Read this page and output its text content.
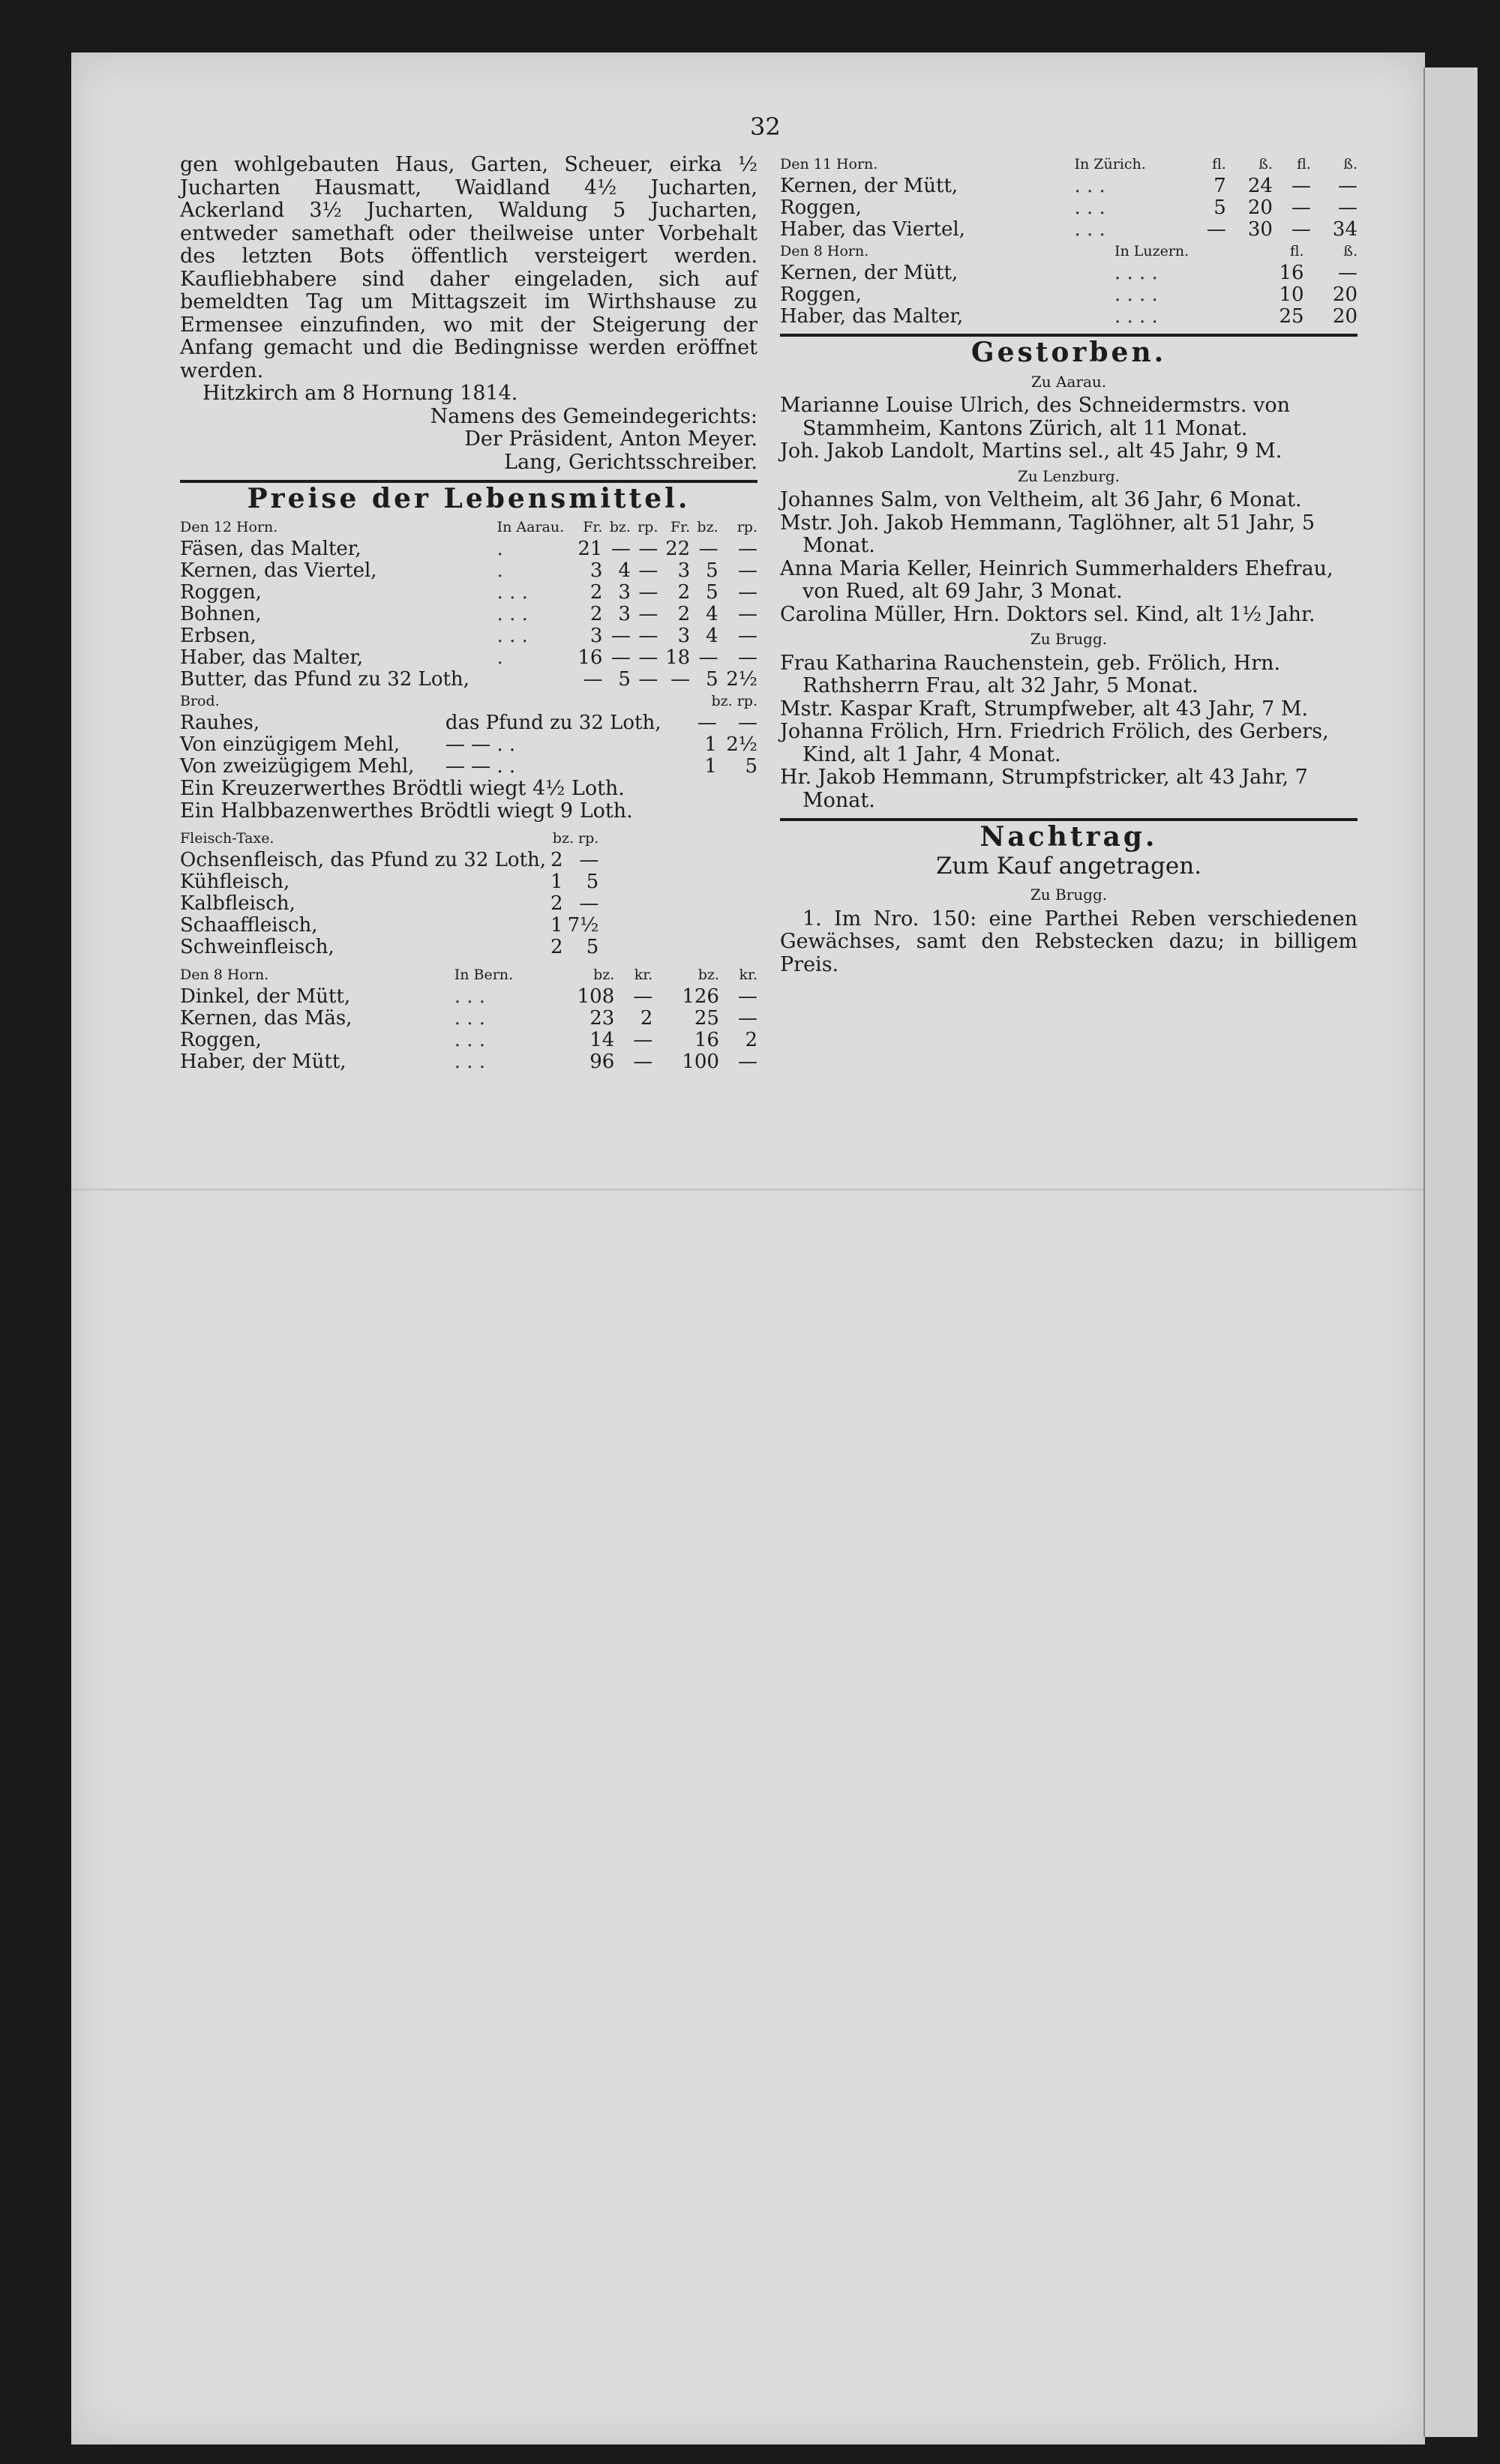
32

gen wohlgebauten Haus, Garten, Scheuer, eirka ½ Jucharten Hausmatt, Waidland 4½ Jucharten, Ackerland 3½ Jucharten, Waldung 5 Jucharten, entweder samethaft oder theilweise unter Vorbehalt des letzten Bots öffentlich versteigert werden. Kaufliebhabere sind daher eingeladen, sich auf bemeldten Tag um Mittagszeit im Wirthshause zu Ermensee einzufinden, wo mit der Steigerung der Anfang gemacht und die Bedingnisse werden eröffnet werden.

Hitzkirch am 8 Hornung 1814.

Namens des Gemeindegerichts:

Der Präsident, Anton Meyer.

Lang, Gerichtsschreiber.

Preise der Lebensmittel.
Den 12 Horn.	In Aarau.	Fr.	bz.	rp.	Fr.	bz.	rp.
Fäsen, das Malter,	.	21	—	—	22	—	—
Kernen, das Viertel,	.	3	4	—	3	5	—
Roggen,	. . .	2	3	—	2	5	—
Bohnen,	. . .	2	3	—	2	4	—
Erbsen,	. . .	3	—	—	3	4	—
Haber, das Malter,	.	16	—	—	18	—	—
Butter, das Pfund zu 32 Loth,		—	5	—	—	5	2½
Brod.		bz. rp.	
Rauhes,	das Pfund zu 32 Loth,	—	—
Von einzügigem Mehl,	— — . .	1	2½
Von zweizügigem Mehl,	— — . .	1	5

Ein Kreuzerwerthes Brödtli wiegt 4½ Loth.

Ein Halbbazenwerthes Brödtli wiegt 9 Loth.

Fleisch-Taxe.	bz. rp.	
Ochsenfleisch, das Pfund zu 32 Loth,	2	—
Kühfleisch,	1	5
Kalbfleisch,	2	—
Schaaffleisch,	1	7½
Schweinfleisch,	2	5
Den 8 Horn.	In Bern.	bz.	kr.	bz.	kr.
Dinkel, der Mütt,	. . .	108	—	126	—
Kernen, das Mäs,	. . .	23	2	25	—
Roggen,	. . .	14	—	16	2
Haber, der Mütt,	. . .	96	—	100	—
Den 11 Horn.	In Zürich.	fl.	ß.	fl.	ß.
Kernen, der Mütt,	. . .	7	24	—	—
Roggen,	. . .	5	20	—	—
Haber, das Viertel,	. . .	—	30	—	34
Den 8 Horn.	In Luzern.	fl.	ß.
Kernen, der Mütt,	. . . .	16	—
Roggen,	. . . .	10	20
Haber, das Malter,	. . . .	25	20
Gestorben.
Zu Aarau.

Marianne Louise Ulrich, des Schneidermstrs. von Stammheim, Kantons Zürich, alt 11 Monat.

Joh. Jakob Landolt, Martins sel., alt 45 Jahr, 9 M.

Zu Lenzburg.

Johannes Salm, von Veltheim, alt 36 Jahr, 6 Monat.

Mstr. Joh. Jakob Hemmann, Taglöhner, alt 51 Jahr, 5 Monat.

Anna Maria Keller, Heinrich Summerhalders Ehefrau, von Rued, alt 69 Jahr, 3 Monat.

Carolina Müller, Hrn. Doktors sel. Kind, alt 1½ Jahr.

Zu Brugg.

Frau Katharina Rauchenstein, geb. Frölich, Hrn. Rathsherrn Frau, alt 32 Jahr, 5 Monat.

Mstr. Kaspar Kraft, Strumpfweber, alt 43 Jahr, 7 M.

Johanna Frölich, Hrn. Friedrich Frölich, des Gerbers, Kind, alt 1 Jahr, 4 Monat.

Hr. Jakob Hemmann, Strumpfstricker, alt 43 Jahr, 7 Monat.

Nachtrag.
Zum Kauf angetragen.
Zu Brugg.

1. Im Nro. 150: eine Parthei Reben verschiedenen Gewächses, samt den Rebstecken dazu; in billigem Preis.
